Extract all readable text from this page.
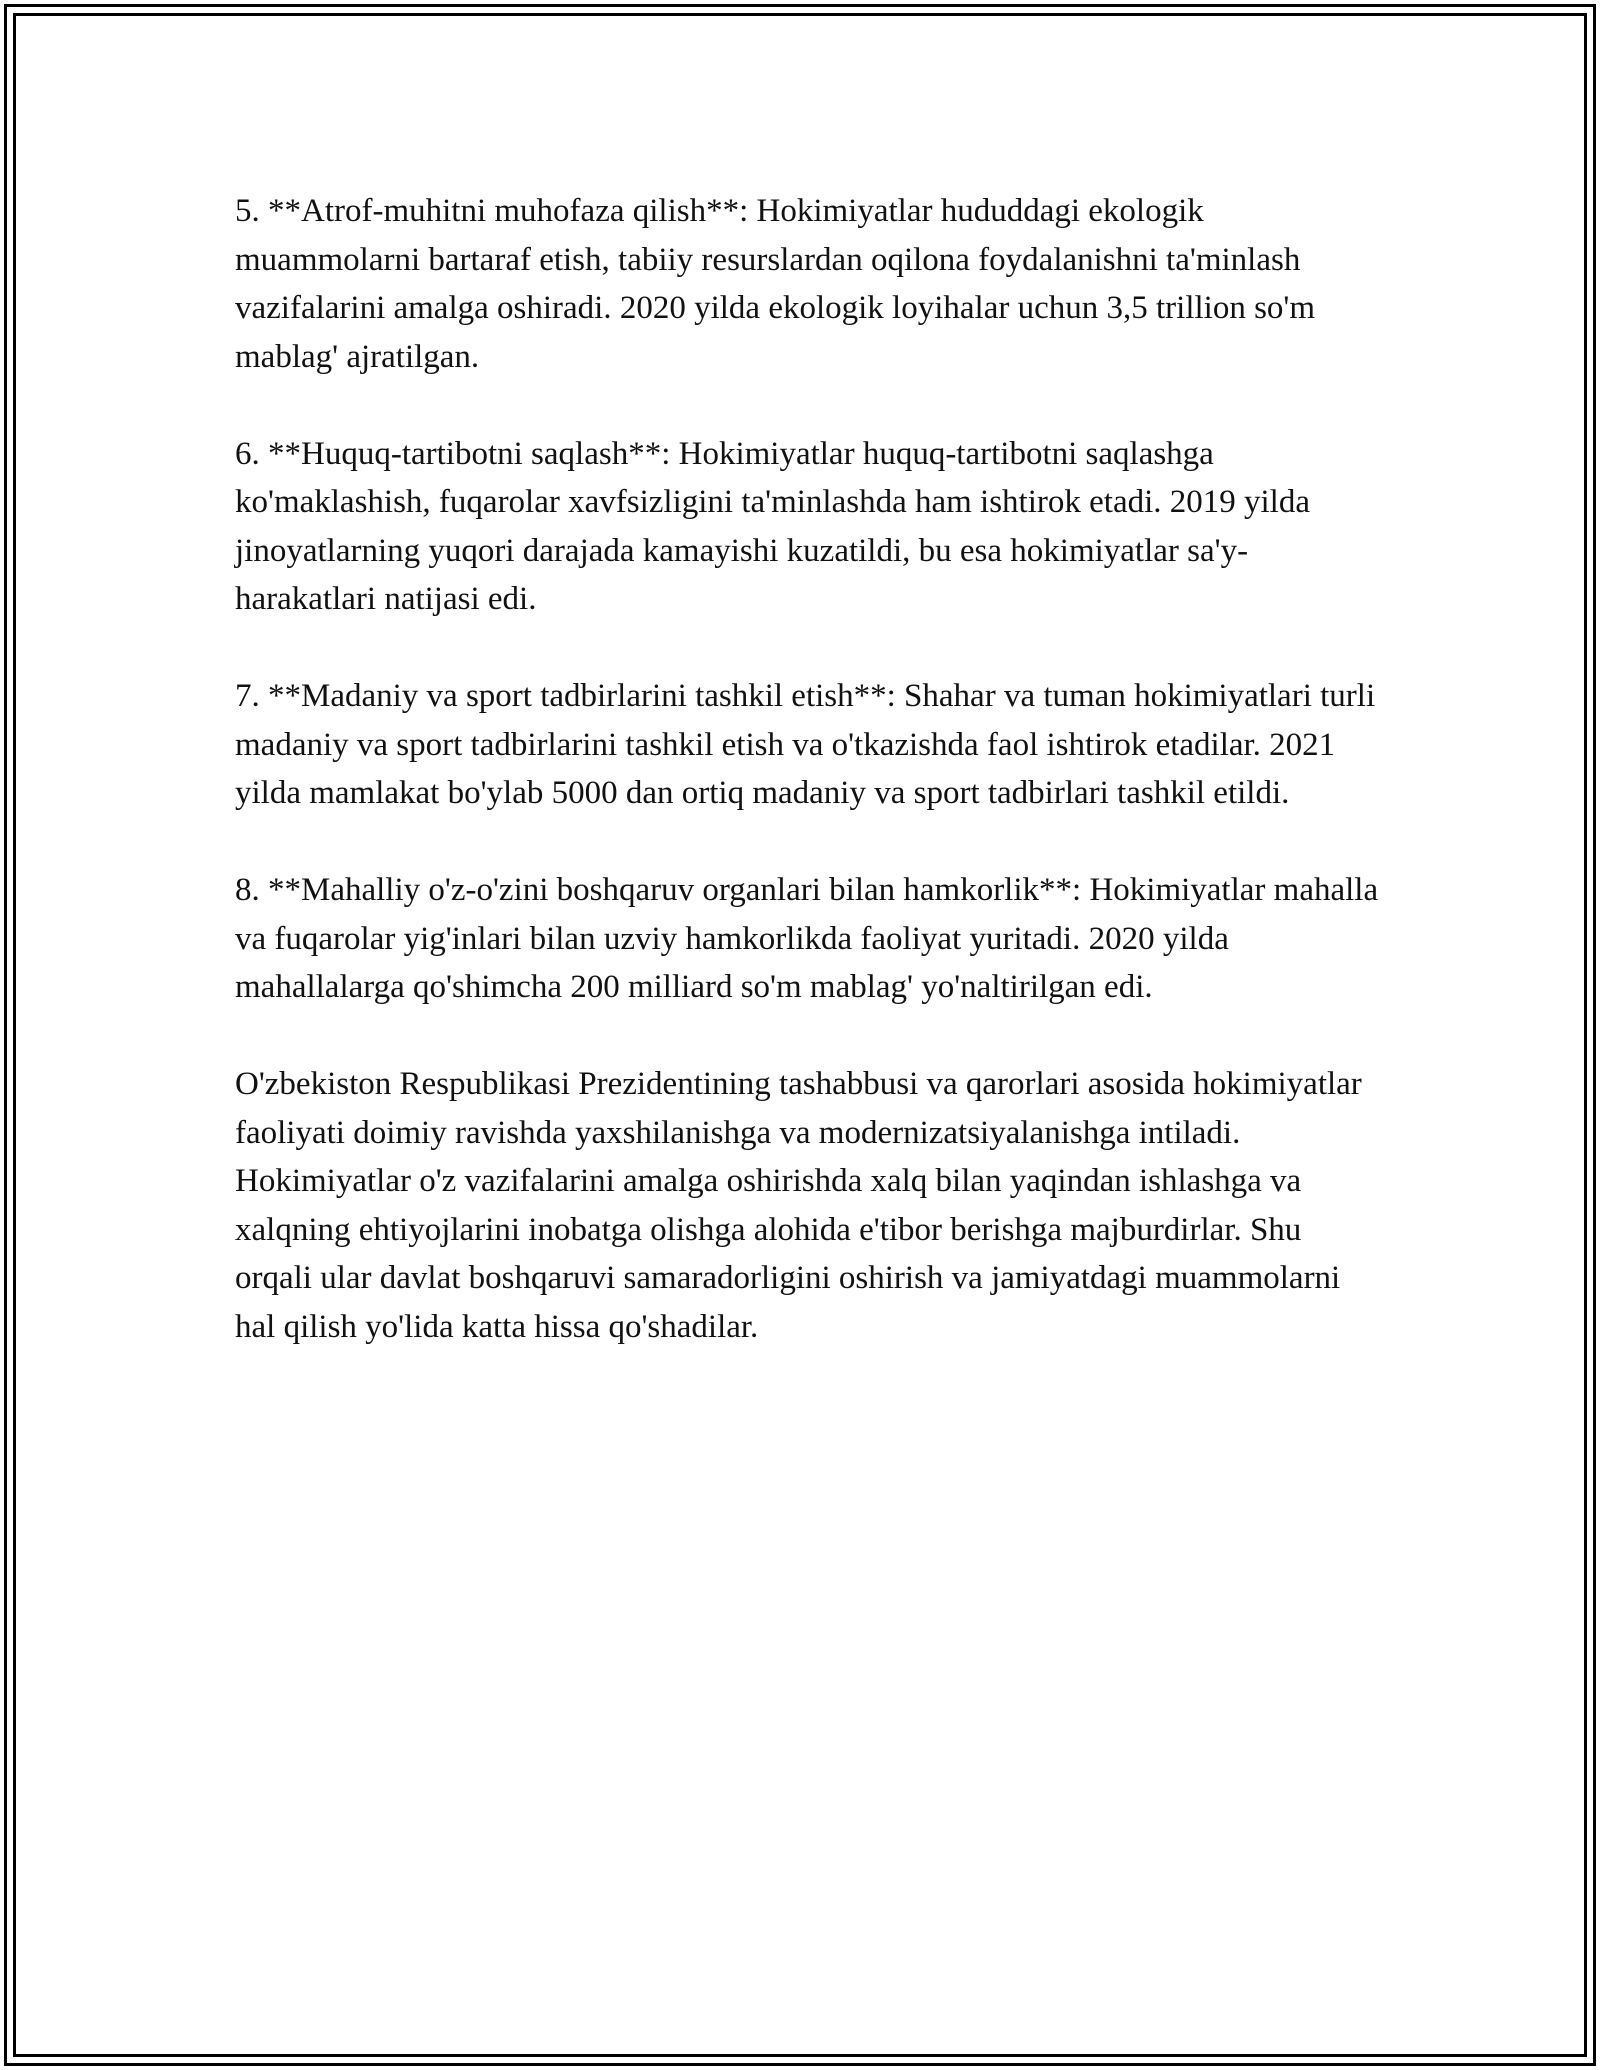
5. **Atrof-muhitni muhofaza qilish**: Hokimiyatlar hududdagi ekologik muammolarni bartaraf etish, tabiiy resurslardan oqilona foydalanishni ta'minlash vazifalarini amalga oshiradi. 2020 yilda ekologik loyihalar uchun 3,5 trillion so'm mablag' ajratilgan.

6. **Huquq-tartibotni saqlash**: Hokimiyatlar huquq-tartibotni saqlashga ko'maklashish, fuqarolar xavfsizligini ta'minlashda ham ishtirok etadi. 2019 yilda jinoyatlarning yuqori darajada kamayishi kuzatildi, bu esa hokimiyatlar sa'y-harakatlari natijasi edi.

7. **Madaniy va sport tadbirlarini tashkil etish**: Shahar va tuman hokimiyatlari turli madaniy va sport tadbirlarini tashkil etish va o'tkazishda faol ishtirok etadilar. 2021 yilda mamlakat bo'ylab 5000 dan ortiq madaniy va sport tadbirlari tashkil etildi.

8. **Mahalliy o'z-o'zini boshqaruv organlari bilan hamkorlik**: Hokimiyatlar mahalla va fuqarolar yig'inlari bilan uzviy hamkorlikda faoliyat yuritadi. 2020 yilda mahallalarga qo'shimcha 200 milliard so'm mablag' yo'naltirilgan edi.

O'zbekiston Respublikasi Prezidentining tashabbusi va qarorlari asosida hokimiyatlar faoliyati doimiy ravishda yaxshilanishga va modernizatsiyalanishga intiladi. Hokimiyatlar o'z vazifalarini amalga oshirishda xalq bilan yaqindan ishlashga va xalqning ehtiyojlarini inobatga olishga alohida e'tibor berishga majburdirlar. Shu orqali ular davlat boshqaruvi samaradorligini oshirish va jamiyatdagi muammolarni hal qilish yo'lida katta hissa qo'shadilar.
